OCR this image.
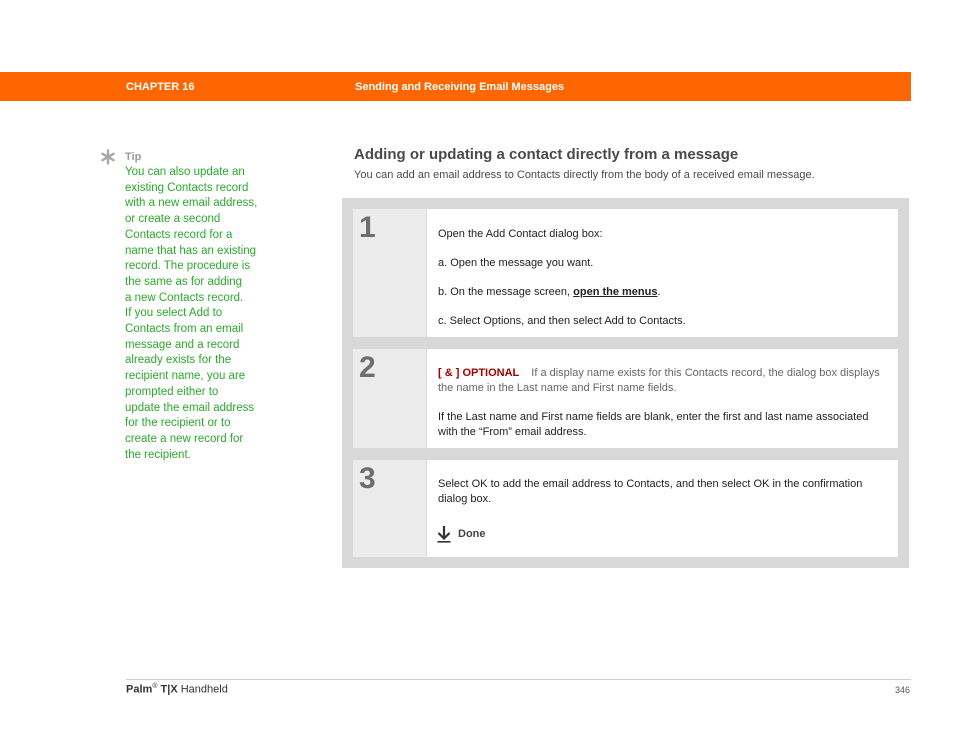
CHAPTER 16	Sending and Receiving Email Messages
Tip
You can also update an
existing Contacts record
with a new email address,
or create a second
Contacts record for a
name that has an existing
record. The procedure is
the same as for adding
a new Contacts record.
If you select Add to
Contacts from an email
message and a record
already exists for the
recipient name, you are
prompted either to
update the email address
for the recipient or to
create a new record for
the recipient.
Adding or updating a contact directly from a message
You can add an email address to Contacts directly from the body of a received email message.
1	Open the Add Contact dialog box:

a. Open the message you want.

b. On the message screen, open the menus.

c. Select Options, and then select Add to Contacts.

2	[ & ] OPTIONAL If a display name exists for this Contacts record, the dialog box displays the name in the Last name and First name fields.

If the Last name and First name fields are blank, enter the first and last name associated with the “From” email address.

3	Select OK to add the email address to Contacts, and then select OK in the confirmation dialog box.

Done
Palm® T|X Handheld	346
